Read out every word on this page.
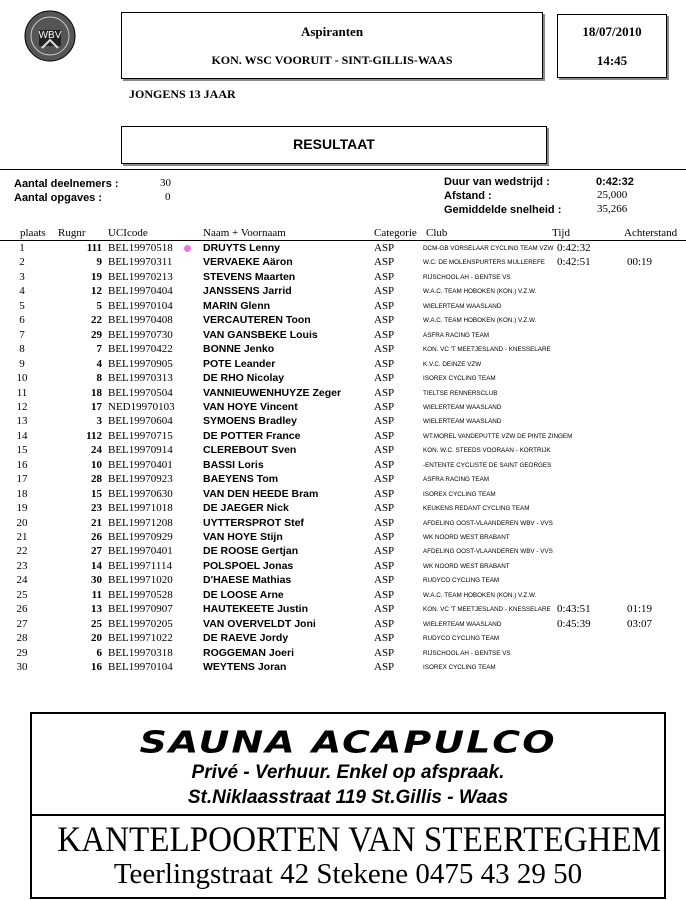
WBV	Aspiranten
KON. WSC VOORUIT - SINT-GILLIS-WAAS
18/07/2010
14:45
JONGENS 13 JAAR
RESULTAAT
Aantal deelnemers :	30
Aantal opgaves :	0
Duur van wedstrijd :	0:42:32
Afstand :	25,000
Gemiddelde snelheid :	35,266
plaats Rugnr UCIcode	Naam + Voornaam	Categorie Club	Tijd	Achterstand
1	111 BEL19970518	DRUYTS Lenny	ASP	DCM-GB VORSELAAR CYCLING TEAM VZW 0:42:32
2	9 BEL19970311	VERVAEKE Aäron	ASP	W.C. DE MOLENSPURTERS MULLEREFE	0:42:51	00:19
3	19 BEL19970213	STEVENS Maarten	ASP	RIJSCHOOL AH - GENTSE VS
4	12 BEL19970404	JANSSENS Jarrid	ASP	W.A.C. TEAM HOBOKEN (KON.) V.Z.W.
5	5 BEL19970104	MARIN Glenn	ASP	WIELERTEAM WAASLAND
6	22 BEL19970408	VERCAUTEREN Toon	ASP	W.A.C. TEAM HOBOKEN (KON.) V.Z.W.
7	29 BEL19970730	VAN GANSBEKE Louis	ASP	ASFRA RACING TEAM
8	7 BEL19970422	BONNE Jenko	ASP	KON. VC 'T MEETJESLAND - KNESSELARE
9	4 BEL19970905	POTE Leander	ASP	K.V.C. DEINZE VZW
10	8 BEL19970313	DE RHO Nicolay	ASP	ISOREX CYCLING TEAM
11	18 BEL19970504	VANNIEUWENHUYZE Zeger	ASP	TIELTSE RENNERSCLUB
12	17 NED19970103	VAN HOYE Vincent	ASP	WIELERTEAM WAASLAND
13	3 BEL19970604	SYMOENS Bradley	ASP	WIELERTEAM WAASLAND
14	112 BEL19970715	DE POTTER France	ASP	WT.MOREL VANDEPUTTE VZW DE PINTE ZINGEM
15	24 BEL19970914	CLEREBOUT Sven	ASP	KON. W.C. STEEDS VOORAAN - KORTRIJK
16	10 BEL19970401	BASSI Loris	ASP	-ENTENTE CYCLISTE DE SAINT GEORGES
17	28 BEL19970923	BAEYENS Tom	ASP	ASFRA RACING TEAM
18	15 BEL19970630	VAN DEN HEEDE Bram	ASP	ISOREX CYCLING TEAM
19	23 BEL19971018	DE JAEGER Nick	ASP	KEUKENS REDANT CYCLING TEAM
20	21 BEL19971208	UYTTERSPROT Stef	ASP	AFDELING OOST-VLAANDEREN WBV - VVS
21	26 BEL19970929	VAN HOYE Stijn	ASP	WK NOORD WEST BRABANT
22	27 BEL19970401	DE ROOSE Gertjan	ASP	AFDELING OOST-VLAANDEREN WBV - VVS
23	14 BEL19971114	POLSPOEL Jonas	ASP	WK NOORD WEST BRABANT
24	30 BEL19971020	D'HAESE Mathias	ASP	RUDYCO CYCLING TEAM
25	11 BEL19970528	DE LOOSE Arne	ASP	W.A.C. TEAM HOBOKEN (KON.) V.Z.W.
26	13 BEL19970907	HAUTEKEETE Justin	ASP	KON. VC 'T MEETJESLAND - KNESSELARE 0:43:51	01:19
27	25 BEL19970205	VAN OVERVELDT Joni	ASP	WIELERTEAM WAASLAND	0:45:39	03:07
28	20 BEL19971022	DE RAEVE Jordy	ASP	RUDYCO CYCLING TEAM
29	6 BEL19970318	ROGGEMAN Joeri	ASP	RIJSCHOOL AH - GENTSE VS
30	16 BEL19970104	WEYTENS Joran	ASP	ISOREX CYCLING TEAM
SAUNA ACAPULCO
Privé - Verhuur. Enkel op afspraak.
St.Niklaasstraat 119 St.Gillis - Waas
KANTELPOORTEN VAN STEERTEGHEM
Teerlingstraat 42 Stekene 0475 43 29 50
